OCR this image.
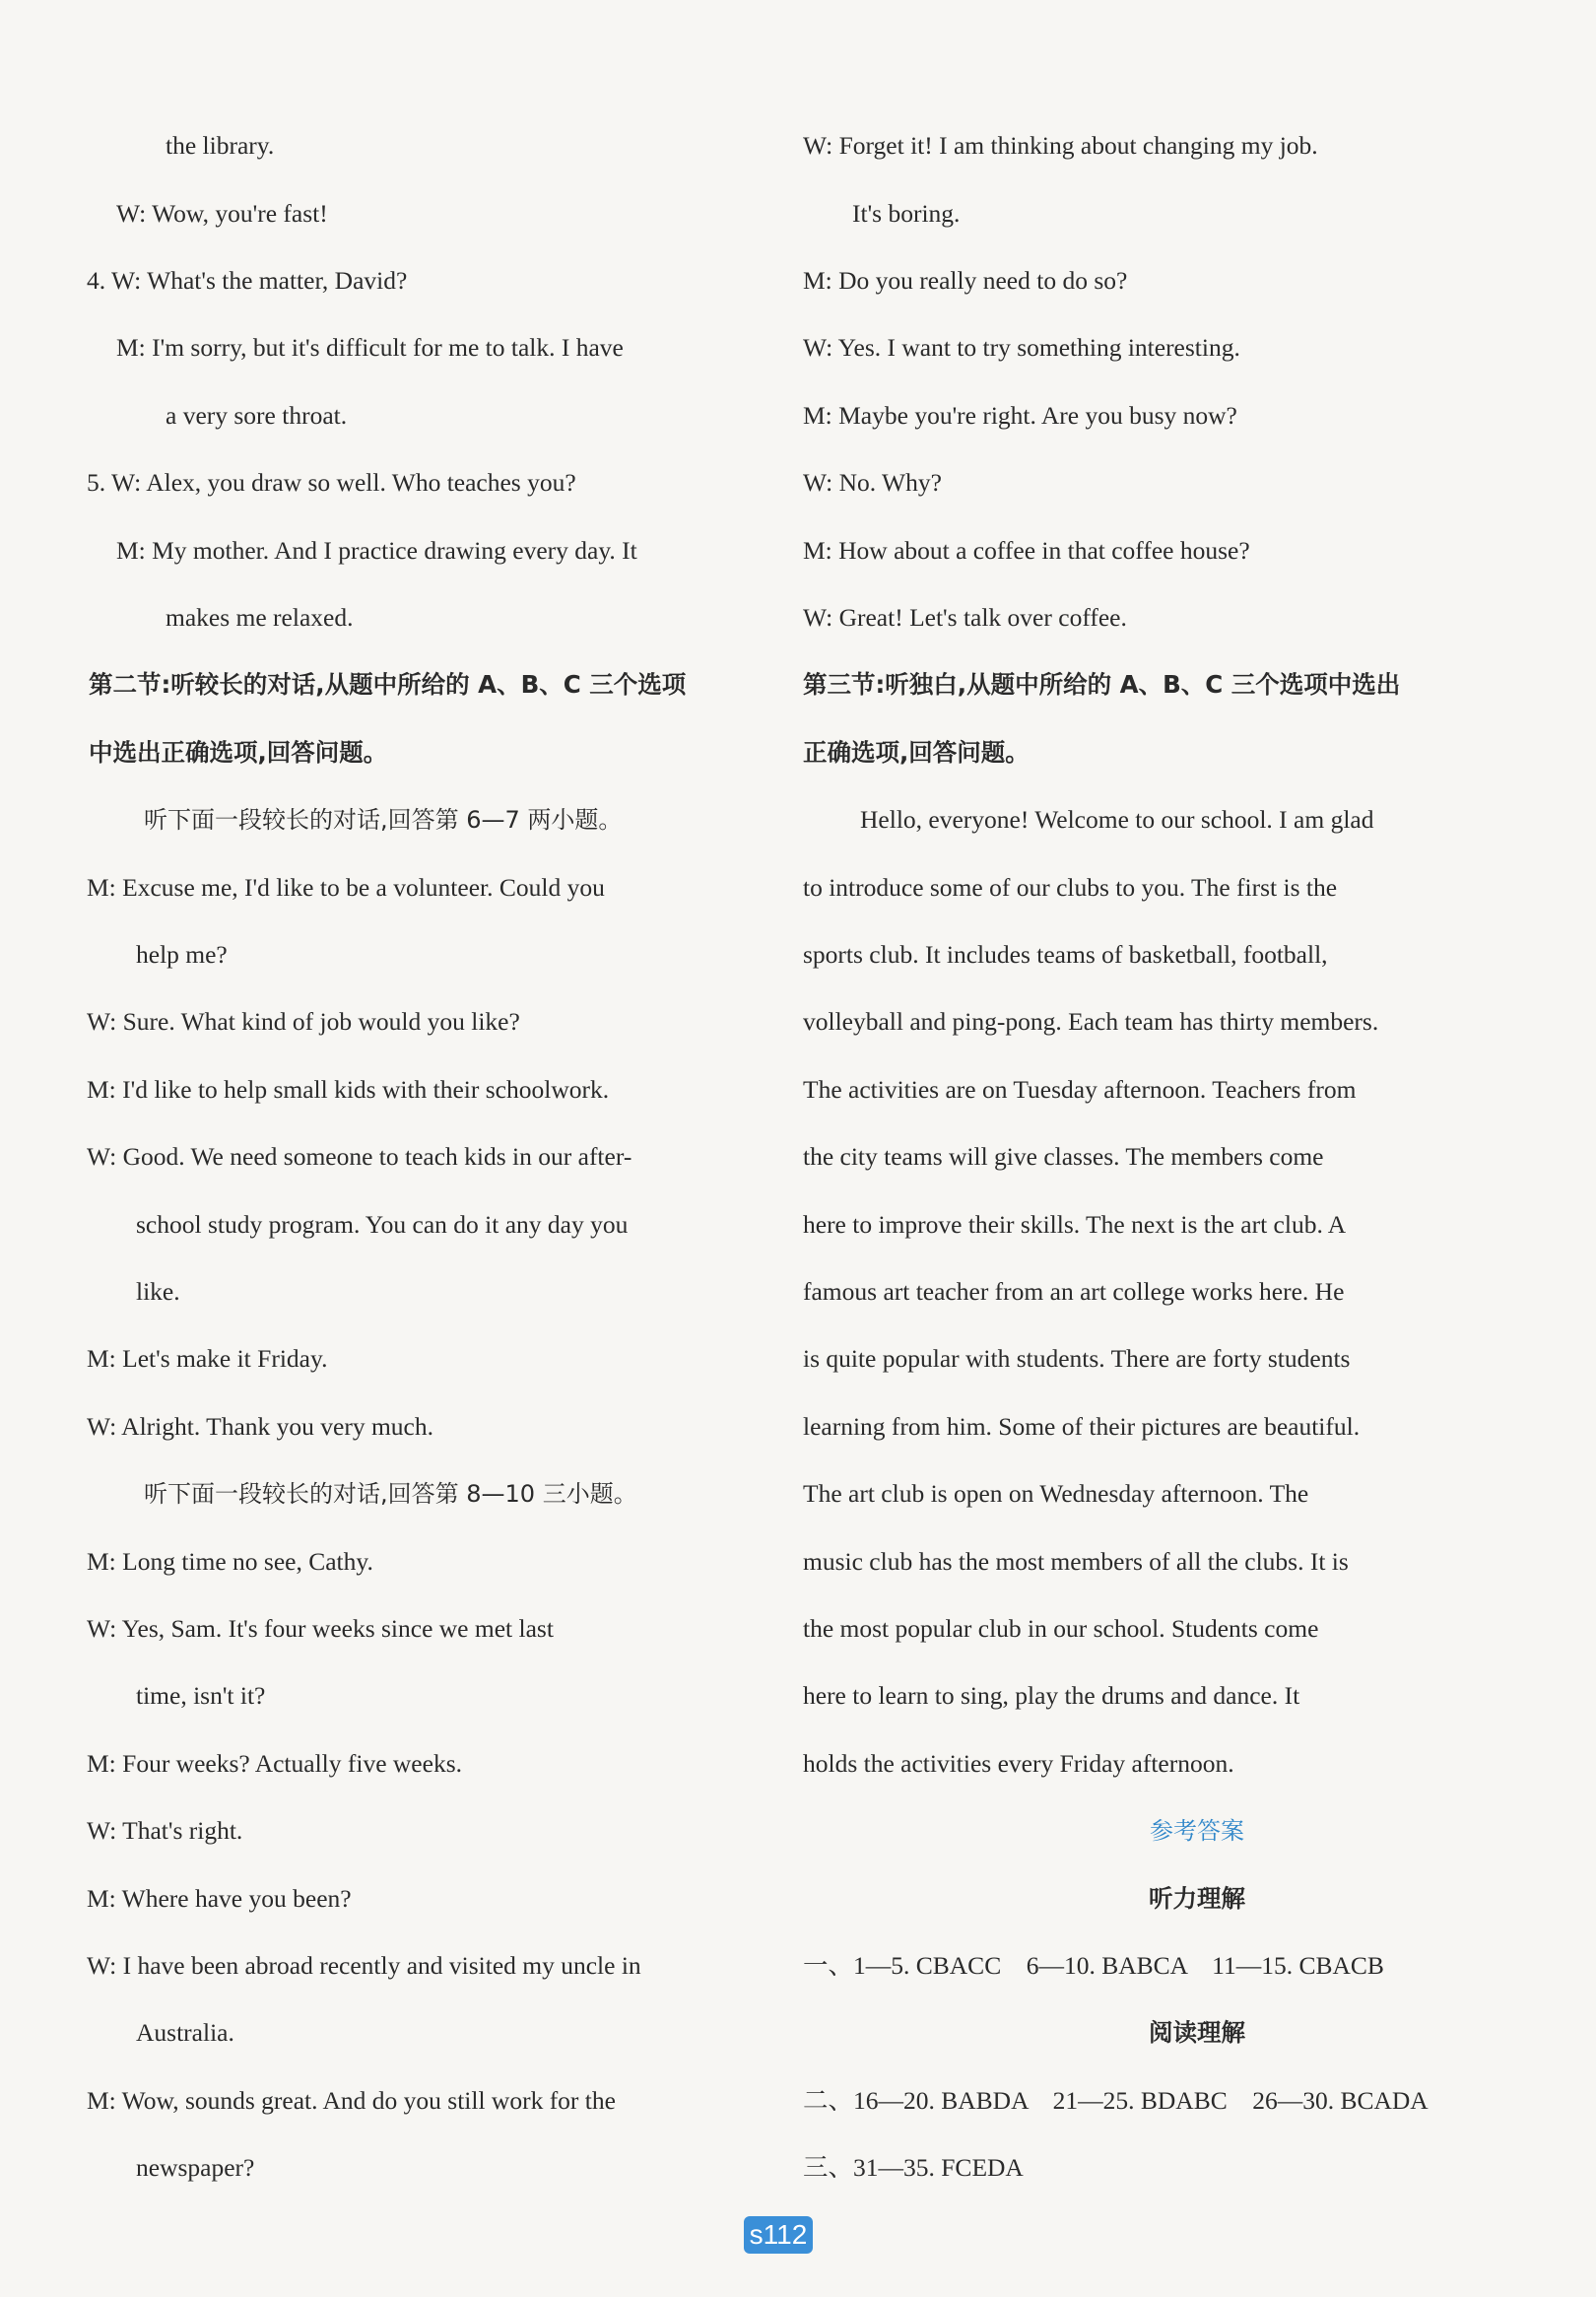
the library.
W: Wow, you're fast!
4. W: What's the matter, David?
M: I'm sorry, but it's difficult for me to talk. I have
a very sore throat.
5. W: Alex, you draw so well. Who teaches you?
M: My mother. And I practice drawing every day. It
makes me relaxed.
第二节:听较长的对话,从题中所给的 A、B、C 三个选项
中选出正确选项,回答问题。
听下面一段较长的对话,回答第 6—7 两小题。
M: Excuse me, I'd like to be a volunteer. Could you
help me?
W: Sure. What kind of job would you like?
M: I'd like to help small kids with their schoolwork.
W: Good. We need someone to teach kids in our after-
school study program. You can do it any day you
like.
M: Let's make it Friday.
W: Alright. Thank you very much.
听下面一段较长的对话,回答第 8—10 三小题。
M: Long time no see, Cathy.
W: Yes, Sam. It's four weeks since we met last
time, isn't it?
M: Four weeks? Actually five weeks.
W: That's right.
M: Where have you been?
W: I have been abroad recently and visited my uncle in
Australia.
M: Wow, sounds great. And do you still work for the
newspaper?
W: Forget it! I am thinking about changing my job.
It's boring.
M: Do you really need to do so?
W: Yes. I want to try something interesting.
M: Maybe you're right. Are you busy now?
W: No. Why?
M: How about a coffee in that coffee house?
W: Great! Let's talk over coffee.
第三节:听独白,从题中所给的 A、B、C 三个选项中选出
正确选项,回答问题。
Hello, everyone! Welcome to our school. I am glad
to introduce some of our clubs to you. The first is the
sports club. It includes teams of basketball, football,
volleyball and ping-pong. Each team has thirty members.
The activities are on Tuesday afternoon. Teachers from
the city teams will give classes. The members come
here to improve their skills. The next is the art club. A
famous art teacher from an art college works here. He
is quite popular with students. There are forty students
learning from him. Some of their pictures are beautiful.
The art club is open on Wednesday afternoon. The
music club has the most members of all the clubs. It is
the most popular club in our school. Students come
here to learn to sing, play the drums and dance. It
holds the activities every Friday afternoon.
参考答案
听力理解
一、1—5. CBACC    6—10. BABCA    11—15. CBACB
阅读理解
二、16—20. BABDA    21—25. BDABC    26—30. BCADA
三、31—35. FCEDA
s112
